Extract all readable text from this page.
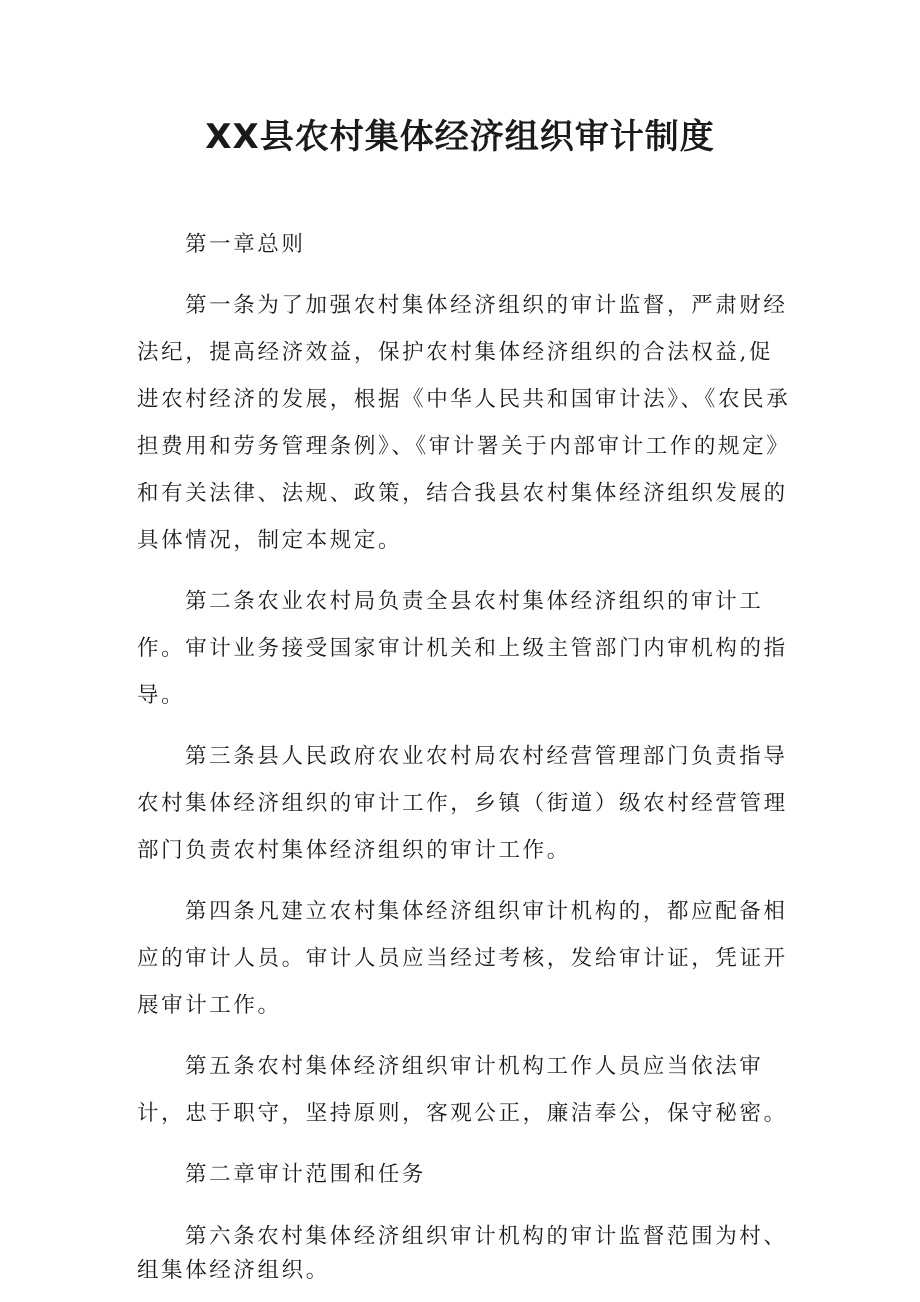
XX县农村集体经济组织审计制度

第一章总则

第一条为了加强农村集体经济组织的审计监督，严肃财经法纪，提高经济效益，保护农村集体经济组织的合法权益,促进农村经济的发展，根据《中华人民共和国审计法》、《农民承担费用和劳务管理条例》、《审计署关于内部审计工作的规定》和有关法律、法规、政策，结合我县农村集体经济组织发展的具体情况，制定本规定。

第二条农业农村局负责全县农村集体经济组织的审计工作。审计业务接受国家审计机关和上级主管部门内审机构的指导。

第三条县人民政府农业农村局农村经营管理部门负责指导农村集体经济组织的审计工作，乡镇（街道）级农村经营管理部门负责农村集体经济组织的审计工作。

第四条凡建立农村集体经济组织审计机构的，都应配备相应的审计人员。审计人员应当经过考核，发给审计证，凭证开展审计工作。

第五条农村集体经济组织审计机构工作人员应当依法审计，忠于职守，坚持原则，客观公正，廉洁奉公，保守秘密。

第二章审计范围和任务

第六条农村集体经济组织审计机构的审计监督范围为村、组集体经济组织。
